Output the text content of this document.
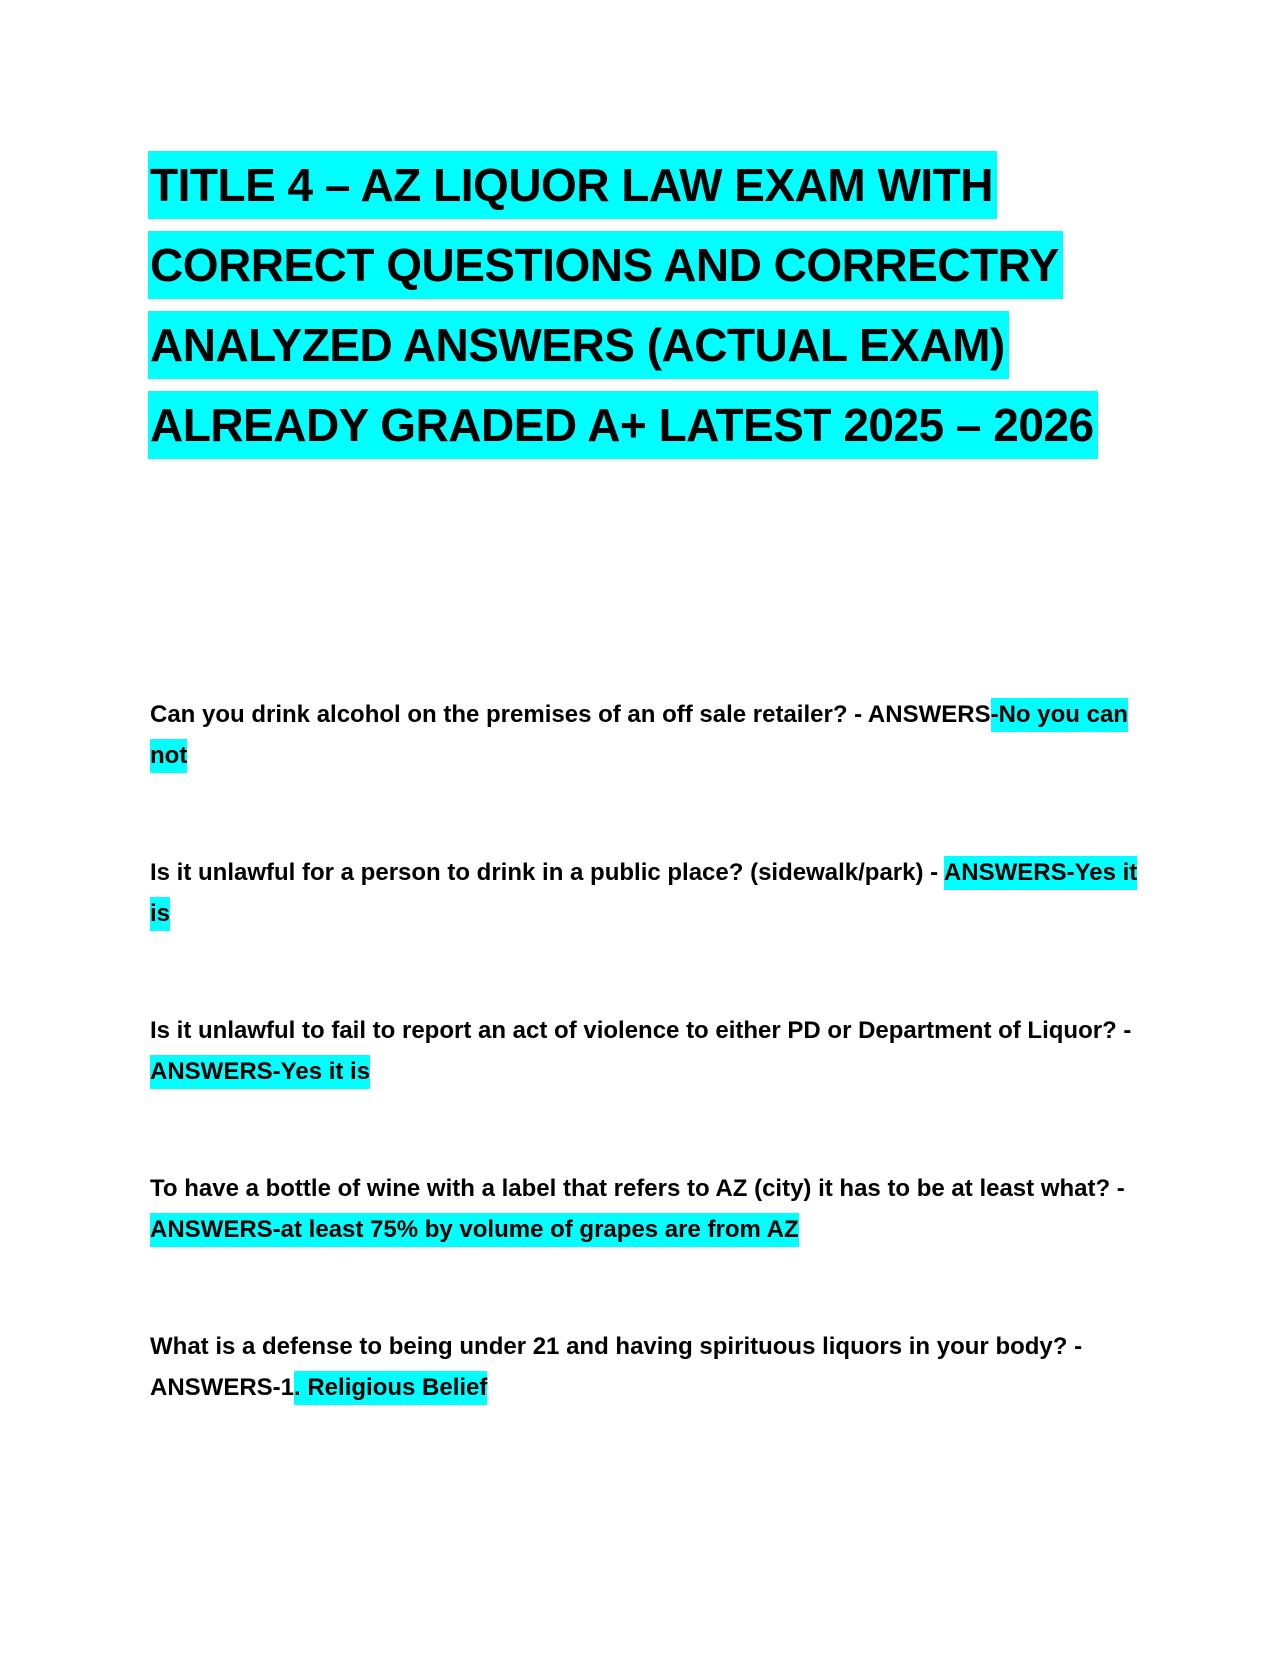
TITLE 4 – AZ LIQUOR LAW EXAM WITH
CORRECT QUESTIONS AND CORRECTRY
ANALYZED ANSWERS (ACTUAL EXAM)
ALREADY GRADED A+ LATEST 2025 – 2026
Can you drink alcohol on the premises of an off sale retailer? - ANSWERS-No you can not
Is it unlawful for a person to drink in a public place? (sidewalk/park) - ANSWERS-Yes it is
Is it unlawful to fail to report an act of violence to either PD or Department of Liquor? - ANSWERS-Yes it is
To have a bottle of wine with a label that refers to AZ (city) it has to be at least what? - ANSWERS-at least 75% by volume of grapes are from AZ
What is a defense to being under 21 and having spirituous liquors in your body? - ANSWERS-1. Religious Belief
